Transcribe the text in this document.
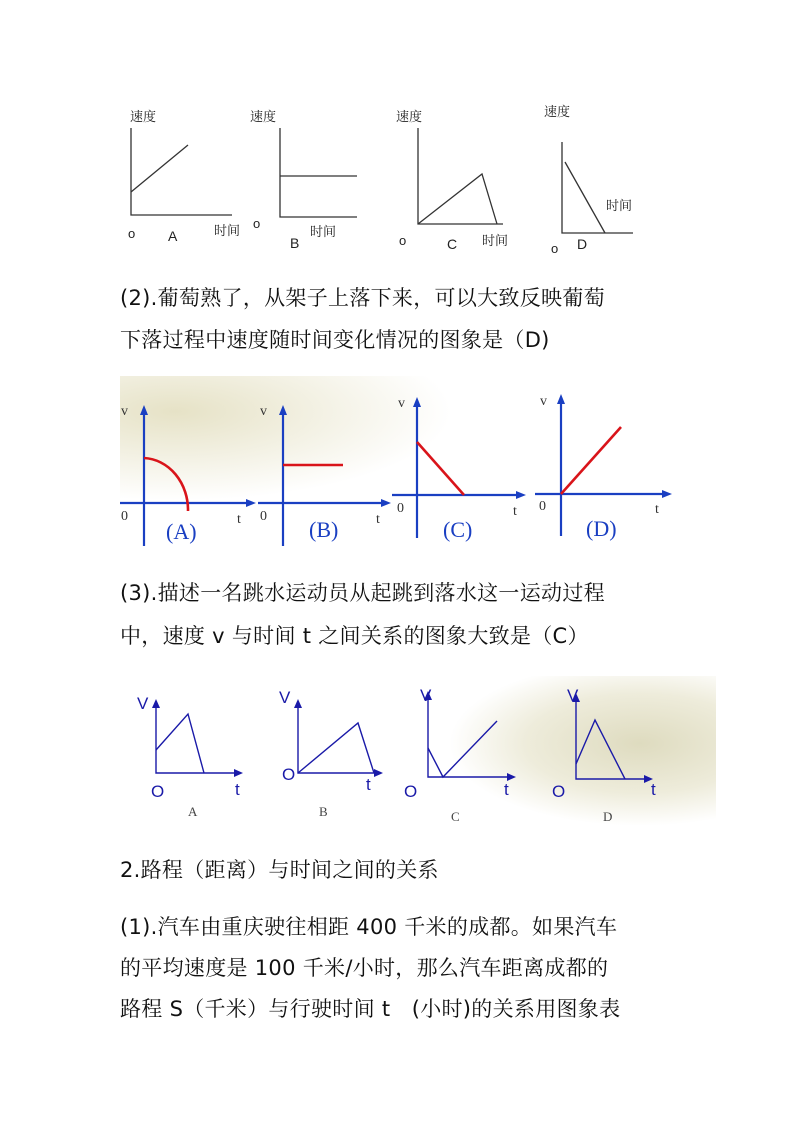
速度
时间
o A
速度
时间
o
B
速度
时间
o	C
速度
时间
o D
(2).葡萄熟了，从架子上落下来，可以大致反映葡萄
下落过程中速度随时间变化情况的图象是（D)
v
t
0
v
t
0
v
t
0
v
t
0
(A)	(B)	(C)	(D)
(3).描述一名跳水运动员从起跳到落水这一运动过程
中，速度 v 与时间 t 之间关系的图象大致是（C）
V
t
O
V
t
O
V
t
O
V
t
O
A	B	C	D
2.路程（距离）与时间之间的关系
(1).汽车由重庆驶往相距 400 千米的成都。如果汽车
的平均速度是 100 千米/小时，那么汽车距离成都的
路程 S（千米）与行驶时间 t　(小时)的关系用图象表
